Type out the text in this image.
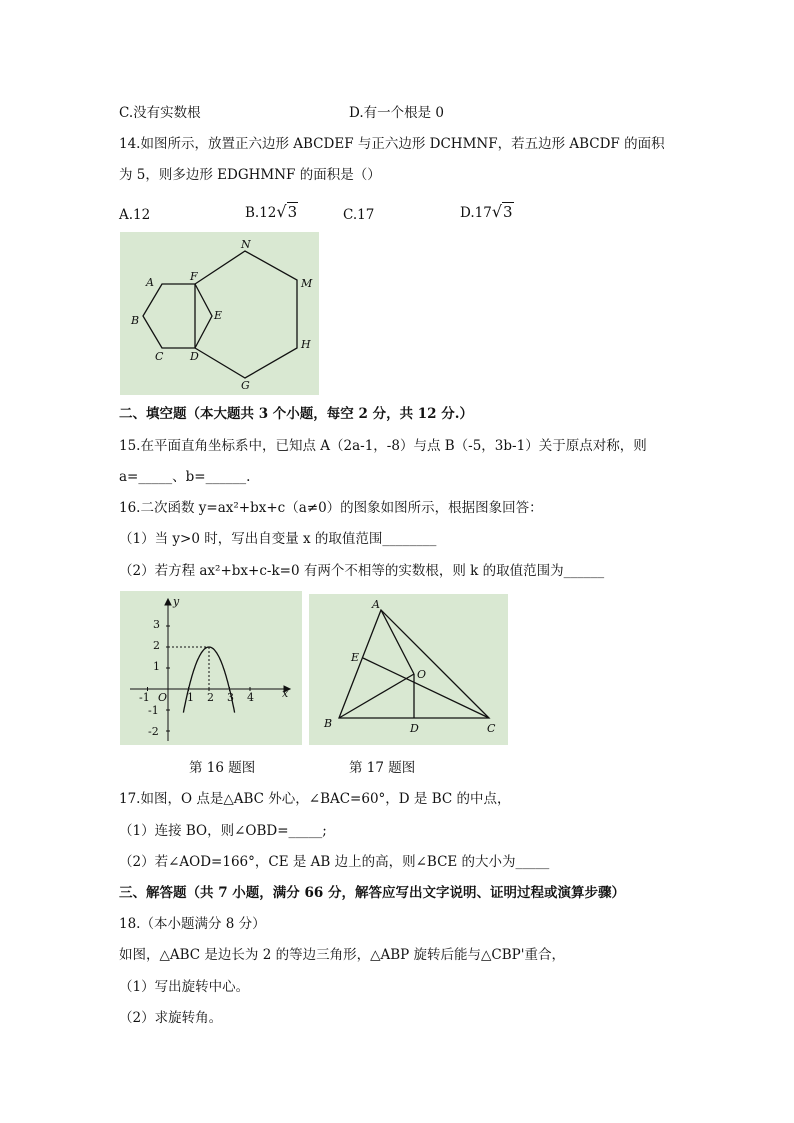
C.没有实数根	D.有一个根是 0
14.如图所示，放置正六边形 ABCDEF 与正六边形 DCHMNF，若五边形 ABCDF 的面积
为 5，则多边形 EDGHMNF 的面积是（）
A.12	B.12√3	C.17	D.17√3
A
B
C D
E
F
G
H
M
N
二、填空题（本大题共 3 个小题，每空 2 分，共 12 分.）
15.在平面直角坐标系中，已知点 A（2a-1，-8）与点 B（-5，3b-1）关于原点对称，则
a=_____、b=______.
16.二次函数 y=ax²+bx+c（a≠0）的图象如图所示，根据图象回答：
（1）当 y>0 时，写出自变量 x 的取值范围________
（2）若方程 ax²+bx+c-k=0 有两个不相等的实数根，则 k 的取值范围为______
y
x
O
-1	1 2 3 4
3
2
1
-1
-2
A
B	C
D
E
O
第 16 题图	第 17 题图
17.如图，O 点是△ABC 外心，∠BAC=60°，D 是 BC 的中点，
（1）连接 BO，则∠OBD=_____;
（2）若∠AOD=166°，CE 是 AB 边上的高，则∠BCE 的大小为_____
三、解答题（共 7 小题，满分 66 分，解答应写出文字说明、证明过程或演算步骤）
18.（本小题满分 8 分）
如图，△ABC 是边长为 2 的等边三角形，△ABP 旋转后能与△CBP'重合，
（1）写出旋转中心。
（2）求旋转角。
